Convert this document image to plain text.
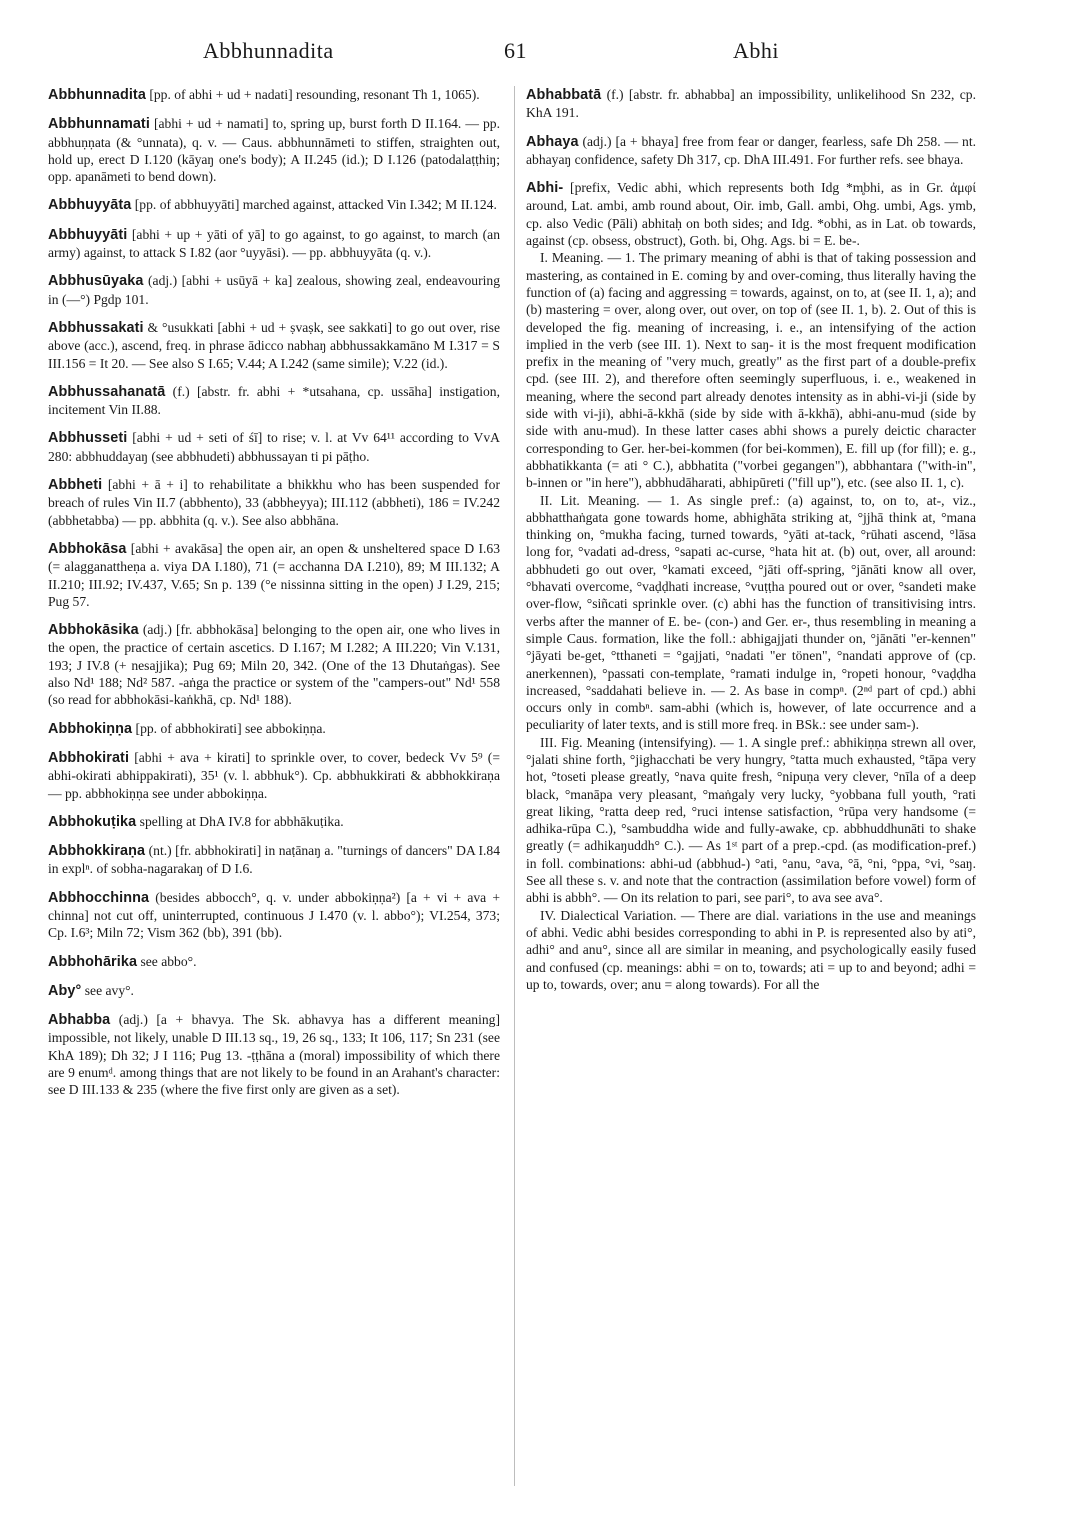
Abbhunnadita	61	Abhi

Abbhunnadita [pp. of abhi + ud + nadati] resounding, resonant Th 1, 1065).

Abbhunnamati [abhi + ud + namati] to, spring up, burst forth D II.164. — pp. abbhuṇṇata (& °unnata), q. v. — Caus. abbhunnāmeti to stiffen, straighten out, hold up, erect D I.120 (kāyaŋ one's body); A II.245 (id.); D I.126 (patodalaṭṭhiŋ; opp. apanāmeti to bend down).

Abbhuyyāta [pp. of abbhuyyāti] marched against, attacked Vin I.342; M II.124.

Abbhuyyāti [abhi + up + yāti of yā] to go against, to go against, to march (an army) against, to attack S I.82 (aor °uyyāsi). — pp. abbhuyyāta (q. v.).

Abbhusūyaka (adj.) [abhi + usūyā + ka] zealous, showing zeal, endeavouring in (—°) Pgdp 101.

Abbhussakati & °usukkati [abhi + ud + ṣvaṣk, see sakkati] to go out over, rise above (acc.), ascend, freq. in phrase ādicco nabhaŋ abbhussakkamāno M I.317 = S III.156 = It 20. — See also S I.65; V.44; A I.242 (same simile); V.22 (id.).

Abbhussahanatā (f.) [abstr. fr. abhi + *utsahana, cp. ussāha] instigation, incitement Vin II.88.

Abbhusseti [abhi + ud + seti of śī] to rise; v. l. at Vv 64¹¹ according to VvA 280: abbhuddayaŋ (see abbhudeti) abbhussayan ti pi pāṭho.

Abbheti [abhi + ā + i] to rehabilitate a bhikkhu who has been suspended for breach of rules Vin II.7 (abbhento), 33 (abbheyya); III.112 (abbheti), 186 = IV.242 (abbhetabba) — pp. abbhita (q. v.). See also abbhāna.

Abbhokāsa [abhi + avakāsa] the open air, an open & unsheltered space D I.63 (= alagganattheṇa a. viya DA I.180), 71 (= acchanna DA I.210), 89; M III.132; A II.210; III.92; IV.437, V.65; Sn p. 139 (°e nissinna sitting in the open) J I.29, 215; Pug 57.

Abbhokāsika (adj.) [fr. abbhokāsa] belonging to the open air, one who lives in the open, the practice of certain ascetics. D I.167; M I.282; A III.220; Vin V.131, 193; J IV.8 (+ nesajjika); Pug 69; Miln 20, 342. (One of the 13 Dhutaṅgas). See also Nd¹ 188; Nd² 587. -aṅga the practice or system of the "campers-out" Nd¹ 558 (so read for abbhokāsi-kaṅkhā, cp. Nd¹ 188).

Abbhokiṇṇa [pp. of abbhokirati] see abbokiṇṇa.

Abbhokirati [abhi + ava + kirati] to sprinkle over, to cover, bedeck Vv 5⁹ (= abhi-okirati abhippakirati), 35¹ (v. l. abbhuk°). Cp. abbhukkirati & abbhokkiraṇa — pp. abbhokiṇṇa see under abbokiṇṇa.

Abbhokuṭika spelling at DhA IV.8 for abbhākuṭika.

Abbhokkiraṇa (nt.) [fr. abbhokirati] in naṭānaŋ a. "turnings of dancers" DA I.84 in explⁿ. of sobha-nagarakaŋ of D I.6.

Abbhocchinna (besides abbocch°, q. v. under abbokiṇṇa²) [a + vi + ava + chinna] not cut off, uninterrupted, continuous J I.470 (v. l. abbo°); VI.254, 373; Cp. I.6³; Miln 72; Vism 362 (bb), 391 (bb).

Abbhohārika see abbo°.

Aby° see avy°.

Abhabba (adj.) [a + bhavya. The Sk. abhavya has a different meaning] impossible, not likely, unable D III.13 sq., 19, 26 sq., 133; It 106, 117; Sn 231 (see KhA 189); Dh 32; J I 116; Pug 13. -ṭṭhāna a (moral) impossibility of which there are 9 enumᵈ. among things that are not likely to be found in an Arahant's character: see D III.133 & 235 (where the five first only are given as a set).

Abhabbatā (f.) [abstr. fr. abhabba] an impossibility, unlikelihood Sn 232, cp. KhA 191.

Abhaya (adj.) [a + bhaya] free from fear or danger, fearless, safe Dh 258. — nt. abhayaŋ confidence, safety Dh 317, cp. DhA III.491. For further refs. see bhaya.

Abhi- [prefix, Vedic abhi, which represents both Idg *m̥bhi, as in Gr. ἀμφί around, Lat. ambi, amb round about, Oir. imb, Gall. ambi, Ohg. umbi, Ags. ymb, cp. also Vedic (Pāli) abhitaḥ on both sides; and Idg. *obhi, as in Lat. ob towards, against (cp. obsess, obstruct), Goth. bi, Ohg. Ags. bi = E. be-.

I. Meaning. — 1. The primary meaning of abhi is that of taking possession and mastering, as contained in E. coming by and over-coming, thus literally having the function of (a) facing and aggressing = towards, against, on to, at (see II. 1, a); and (b) mastering = over, along over, out over, on top of (see II. 1, b). 2. Out of this is developed the fig. meaning of increasing, i. e., an intensifying of the action implied in the verb (see III. 1). Next to saŋ- it is the most frequent modification prefix in the meaning of "very much, greatly" as the first part of a double-prefix cpd. (see III. 2), and therefore often seemingly superfluous, i. e., weakened in meaning, where the second part already denotes intensity as in abhi-vi-ji (side by side with vi-ji), abhi-ā-kkhā (side by side with ā-kkhā), abhi-anu-mud (side by side with anu-mud). In these latter cases abhi shows a purely deictic character corresponding to Ger. her-bei-kommen (for bei-kommen), E. fill up (for fill); e. g., abbhatikkanta (= ati ° C.), abbhatita ("vorbei gegangen"), abbhantara ("with-in", b-innen or "in here"), abbhudāharati, abhipūreti ("fill up"), etc. (see also II. 1, c).

II. Lit. Meaning. — 1. As single pref.: (a) against, to, on to, at-, viz., abbhatthaṅgata gone towards home, abhighāta striking at, °jjhā think at, °mana thinking on, °mukha facing, turned towards, °yāti at-tack, °rūhati ascend, °lāsa long for, °vadati ad-dress, °sapati ac-curse, °hata hit at. (b) out, over, all around: abbhudeti go out over, °kamati exceed, °jāti off-spring, °jānāti know all over, °bhavati overcome, °vaḍḍhati increase, °vuṭṭha poured out or over, °sandeti make over-flow, °siñcati sprinkle over. (c) abhi has the function of transitivising intrs. verbs after the manner of E. be- (con-) and Ger. er-, thus resembling in meaning a simple Caus. formation, like the foll.: abhigajjati thunder on, °jānāti "er-kennen" °jāyati be-get, °tthaneti = °gajjati, °nadati "er tönen", °nandati approve of (cp. anerkennen), °passati con-template, °ramati indulge in, °ropeti honour, °vaḍḍha increased, °saddahati believe in. — 2. As base in compⁿ. (2ⁿᵈ part of cpd.) abhi occurs only in combⁿ. sam-abhi (which is, however, of late occurrence and a peculiarity of later texts, and is still more freq. in BSk.: see under sam-).

III. Fig. Meaning (intensifying). — 1. A single pref.: abhikiṇṇa strewn all over, °jalati shine forth, °jighacchati be very hungry, °tatta much exhausted, °tāpa very hot, °toseti please greatly, °nava quite fresh, °nipuṇa very clever, °nīla of a deep black, °manāpa very pleasant, °maṅgaly very lucky, °yobbana full youth, °rati great liking, °ratta deep red, °ruci intense satisfaction, °rūpa very handsome (= adhika-rūpa C.), °sambuddha wide and fully-awake, cp. abbhuddhunāti to shake greatly (= adhikaŋuddh° C.). — As 1ˢᵗ part of a prep.-cpd. (as modification-pref.) in foll. combinations: abhi-ud (abbhud-) °ati, °anu, °ava, °ā, °ni, °ppa, °vi, °saŋ. See all these s. v. and note that the contraction (assimilation before vowel) form of abhi is abbh°. — On its relation to pari, see pari°, to ava see ava°.

IV. Dialectical Variation. — There are dial. variations in the use and meanings of abhi. Vedic abhi besides corresponding to abhi in P. is represented also by ati°, adhi° and anu°, since all are similar in meaning, and psychologically easily fused and confused (cp. meanings: abhi = on to, towards; ati = up to and beyond; adhi = up to, towards, over; anu = along towards). For all the
